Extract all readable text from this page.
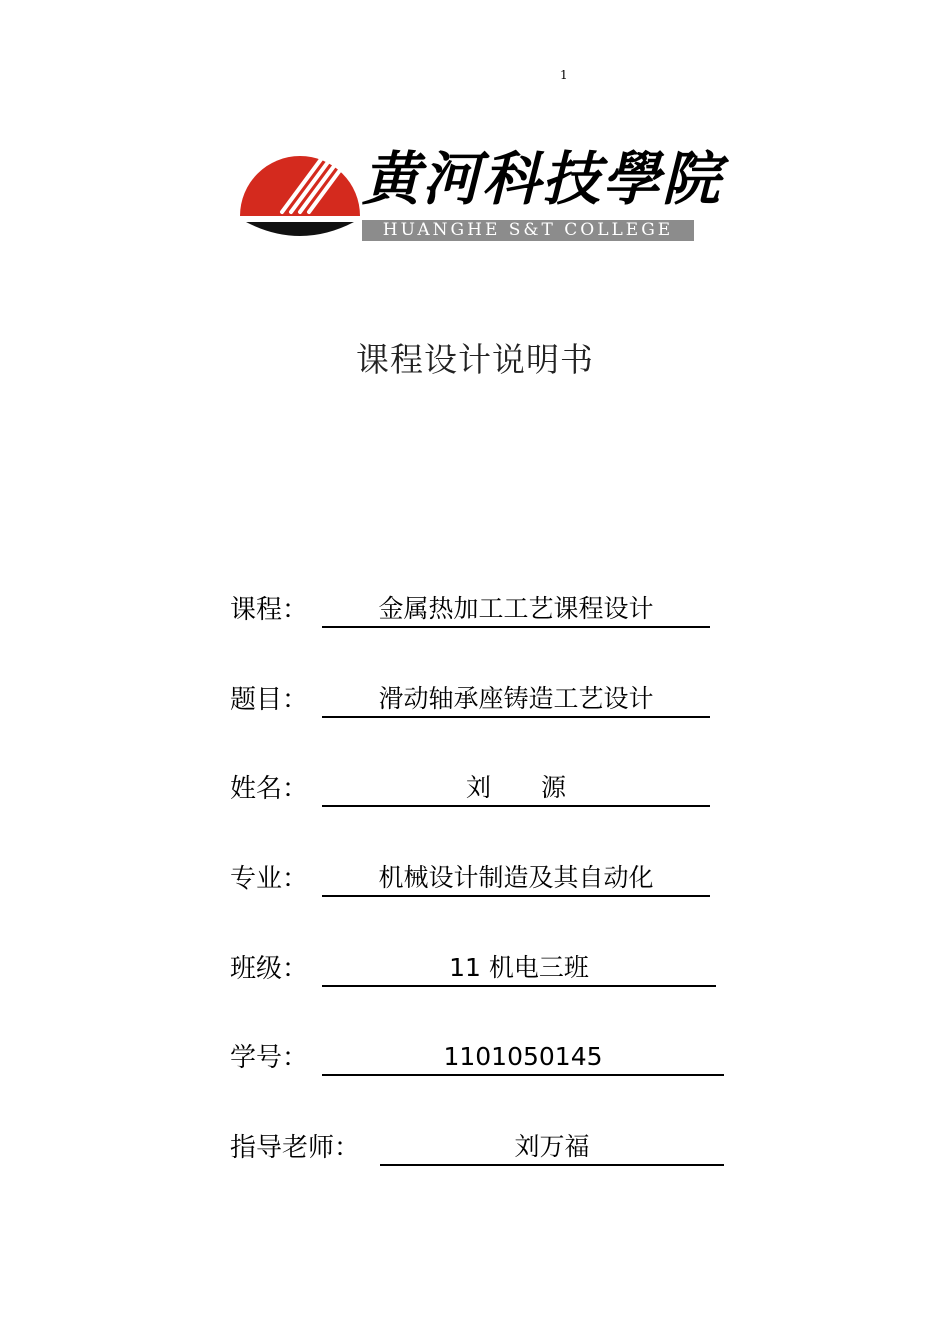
1
黄河科技學院
HUANGHE S&T COLLEGE
课程设计说明书
课程：	金属热加工工艺课程设计
题目：	滑动轴承座铸造工艺设计
姓名：	刘　　源
专业：	机械设计制造及其自动化
班级：	11 机电三班
学号：	1101050145
指导老师：	刘万福
